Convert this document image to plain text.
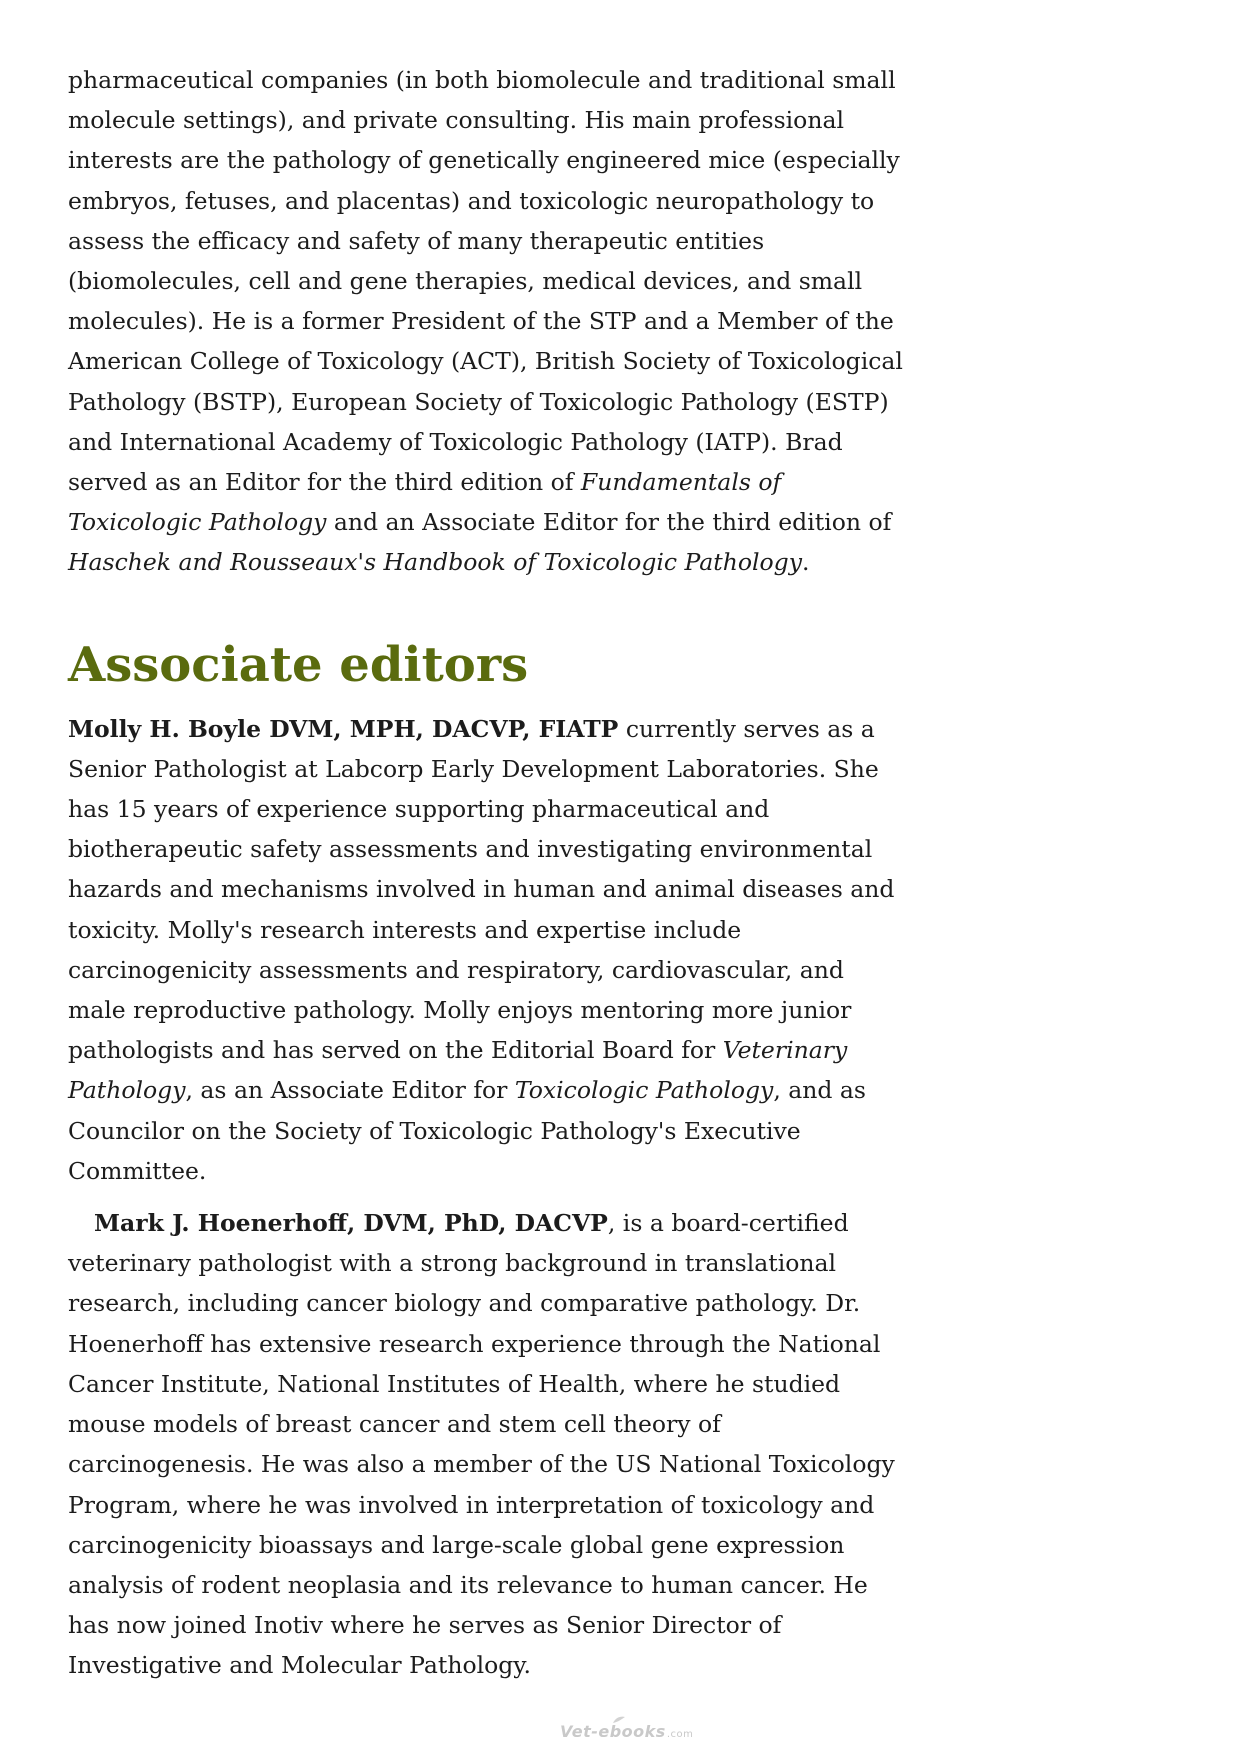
pharmaceutical companies (in both biomolecule and traditional small molecule settings), and private consulting. His main professional interests are the pathology of genetically engineered mice (especially embryos, fetuses, and placentas) and toxicologic neuropathology to assess the efficacy and safety of many therapeutic entities (biomolecules, cell and gene therapies, medical devices, and small molecules). He is a former President of the STP and a Member of the American College of Toxicology (ACT), British Society of Toxicological Pathology (BSTP), European Society of Toxicologic Pathology (ESTP) and International Academy of Toxicologic Pathology (IATP). Brad served as an Editor for the third edition of Fundamentals of Toxicologic Pathology and an Associate Editor for the third edition of Haschek and Rousseaux's Handbook of Toxicologic Pathology.

Associate editors

Molly H. Boyle DVM, MPH, DACVP, FIATP currently serves as a Senior Pathologist at Labcorp Early Development Laboratories. She has 15 years of experience supporting pharmaceutical and biotherapeutic safety assessments and investigating environmental hazards and mechanisms involved in human and animal diseases and toxicity. Molly's research interests and expertise include carcinogenicity assessments and respiratory, cardiovascular, and male reproductive pathology. Molly enjoys mentoring more junior pathologists and has served on the Editorial Board for Veterinary Pathology, as an Associate Editor for Toxicologic Pathology, and as Councilor on the Society of Toxicologic Pathology's Executive Committee.

Mark J. Hoenerhoff, DVM, PhD, DACVP, is a board-certified veterinary pathologist with a strong background in translational research, including cancer biology and comparative pathology. Dr. Hoenerhoff has extensive research experience through the National Cancer Institute, National Institutes of Health, where he studied mouse models of breast cancer and stem cell theory of carcinogenesis. He was also a member of the US National Toxicology Program, where he was involved in interpretation of toxicology and carcinogenicity bioassays and large-scale global gene expression analysis of rodent neoplasia and its relevance to human cancer. He has now joined Inotiv where he serves as Senior Director of Investigative and Molecular Pathology.

Vet-ebooks .com
